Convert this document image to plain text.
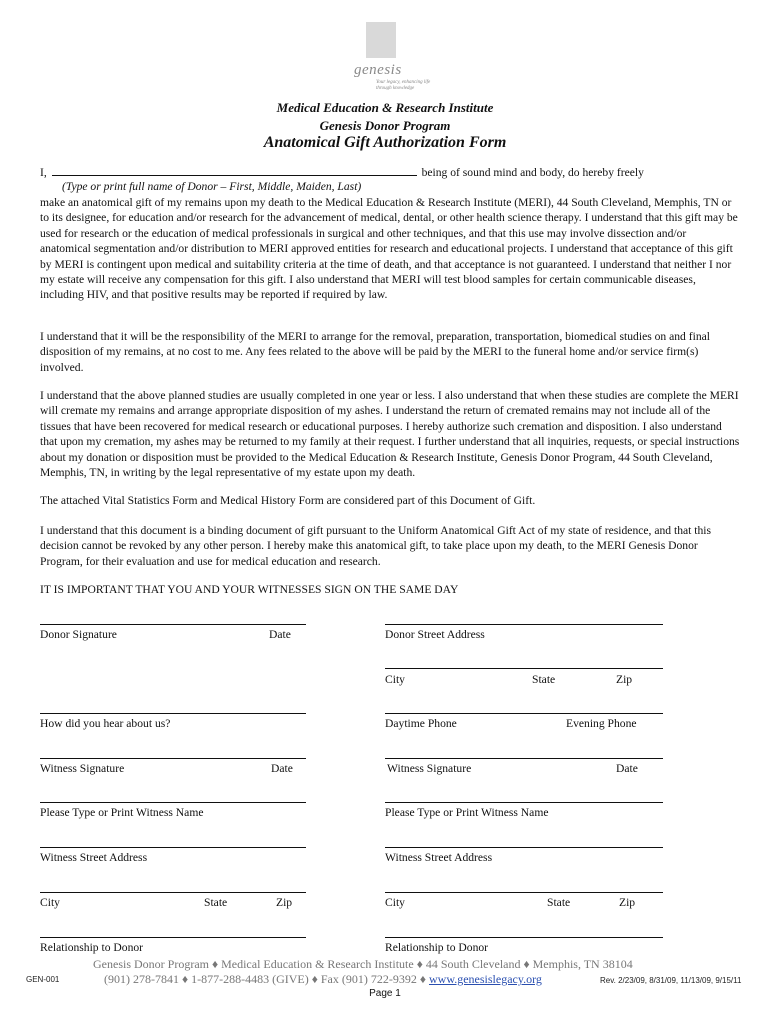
genesis
Your legacy, enhancing life through knowledge
Medical Education & Research Institute
Genesis Donor Program
Anatomical Gift Authorization Form
I,	being of sound mind and body, do hereby freely
(Type or print full name of Donor – First, Middle, Maiden, Last)

make an anatomical gift of my remains upon my death to the Medical Education & Research Institute (MERI), 44 South Cleveland, Memphis, TN or to its designee, for education and/or research for the advancement of medical, dental, or other health science therapy. I understand that this gift may be used for research or the education of medical professionals in surgical and other techniques, and that this use may involve dissection and/or anatomical segmentation and/or distribution to MERI approved entities for research and educational projects. I understand that acceptance of this gift by MERI is contingent upon medical and suitability criteria at the time of death, and that acceptance is not guaranteed. I understand that neither I nor my estate will receive any compensation for this gift. I also understand that MERI will test blood samples for certain communicable diseases, including HIV, and that positive results may be reported if required by law.

I understand that it will be the responsibility of the MERI to arrange for the removal, preparation, transportation, biomedical studies on and final disposition of my remains, at no cost to me. Any fees related to the above will be paid by the MERI to the funeral home and/or service firm(s) involved.

I understand that the above planned studies are usually completed in one year or less. I also understand that when these studies are complete the MERI will cremate my remains and arrange appropriate disposition of my ashes. I understand the return of cremated remains may not include all of the tissues that have been recovered for medical research or educational purposes. I hereby authorize such cremation and disposition. I also understand that upon my cremation, my ashes may be returned to my family at their request. I further understand that all inquiries, requests, or special instructions about my donation or disposition must be provided to the Medical Education & Research Institute, Genesis Donor Program, 44 South Cleveland, Memphis, TN, in writing by the legal representative of my estate upon my death.

The attached Vital Statistics Form and Medical History Form are considered part of this Document of Gift.

I understand that this document is a binding document of gift pursuant to the Uniform Anatomical Gift Act of my state of residence, and that this decision cannot be revoked by any other person. I hereby make this anatomical gift, to take place upon my death, to the MERI Genesis Donor Program, for their evaluation and use for medical education and research.

IT IS IMPORTANT THAT YOU AND YOUR WITNESSES SIGN ON THE SAME DAY
Donor Signature	Date
How did you hear about us?
Witness Signature	Date
Please Type or Print Witness Name
Witness Street Address
City	State	Zip
Relationship to Donor
Donor Street Address
City	State	Zip
Daytime Phone	Evening Phone
Witness Signature	Date
Please Type or Print Witness Name
Witness Street Address
City	State	Zip
Relationship to Donor
Genesis Donor Program ♦ Medical Education & Research Institute ♦ 44 South Cleveland ♦ Memphis, TN 38104
GEN-001	(901) 278-7841 ♦ 1-877-288-4483 (GIVE) ♦ Fax (901) 722-9392 ♦ www.genesislegacy.org	Rev. 2/23/09, 8/31/09, 11/13/09, 9/15/11
Page 1
